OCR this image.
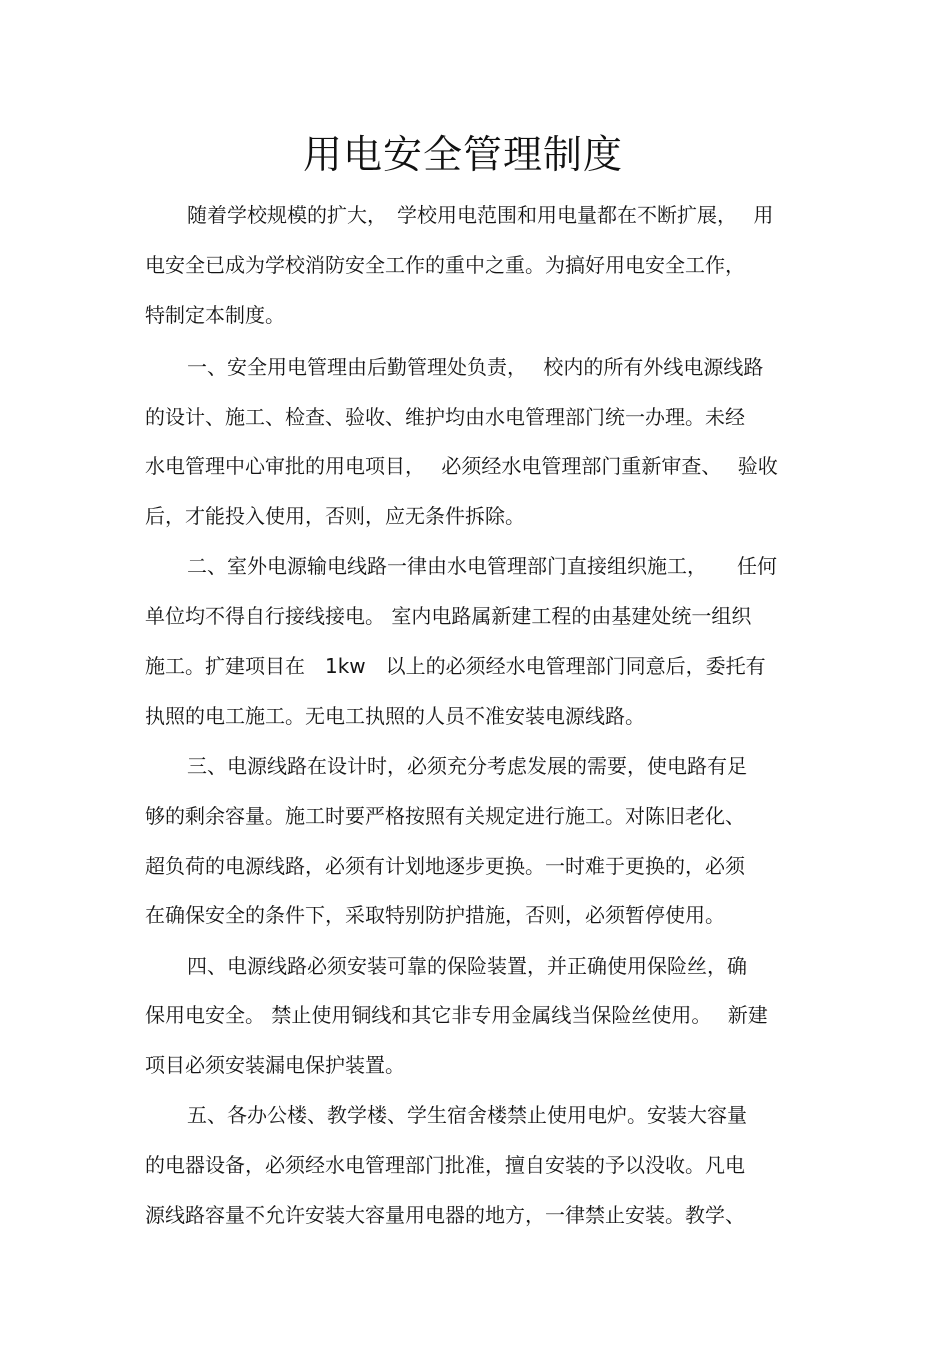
用电安全管理制度
随着学校规模的扩大，　学校用电范围和用电量都在不断扩展，　 用
电安全已成为学校消防安全工作的重中之重。为搞好用电安全工作，
特制定本制度。
一、安全用电管理由后勤管理处负责，　 校内的所有外线电源线路
的设计、施工、检查、验收、维护均由水电管理部门统一办理。未经
水电管理中心审批的用电项目，　 必须经水电管理部门重新审查、　 验收
后，才能投入使用，否则，应无条件拆除。
二、室外电源输电线路一律由水电管理部门直接组织施工，　　任何
单位均不得自行接线接电。 室内电路属新建工程的由基建处统一组织
施工。扩建项目在　1kw　以上的必须经水电管理部门同意后，委托有
执照的电工施工。无电工执照的人员不准安装电源线路。
三、电源线路在设计时，必须充分考虑发展的需要，使电路有足
够的剩余容量。施工时要严格按照有关规定进行施工。对陈旧老化、
超负荷的电源线路，必须有计划地逐步更换。一时难于更换的，必须
在确保安全的条件下，采取特别防护措施，否则，必须暂停使用。
四、电源线路必须安装可靠的保险装置，并正确使用保险丝，确
保用电安全。 禁止使用铜线和其它非专用金属线当保险丝使用。　 新建
项目必须安装漏电保护装置。
五、各办公楼、教学楼、学生宿舍楼禁止使用电炉。安装大容量
的电器设备，必须经水电管理部门批准，擅自安装的予以没收。凡电
源线路容量不允许安装大容量用电器的地方，一律禁止安装。教学、
